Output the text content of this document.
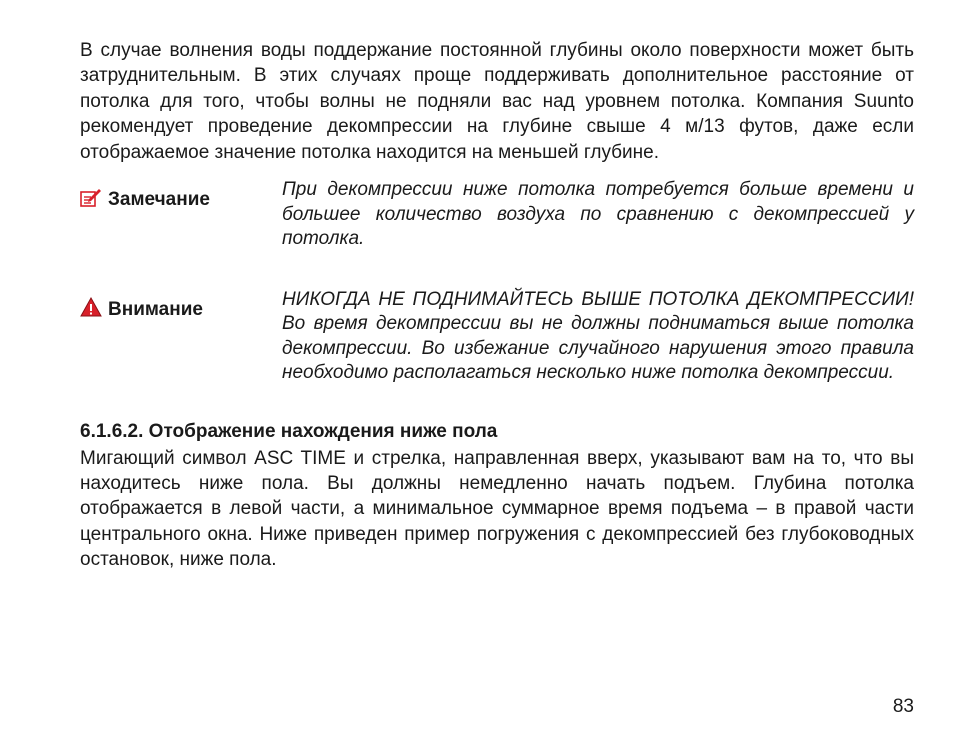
В случае волнения воды поддержание постоянной глубины около поверхности может быть затруднительным. В этих случаях проще поддерживать дополнительное расстояние от потолка для того, чтобы волны не подняли вас над уровнем потолка. Компания Suunto рекомендует проведение декомпрессии на глубине свыше 4 м/13 футов, даже если отображаемое значение потолка находится на меньшей глубине.

Замечание	При декомпрессии ниже потолка потребуется больше времени и большее количество воздуха по сравнению с декомпрессией у потолка.

Внимание	НИКОГДА НЕ ПОДНИМАЙТЕСЬ ВЫШЕ ПОТОЛКА ДЕКОМПРЕССИИ! Во время декомпрессии вы не должны подниматься выше потолка декомпрессии. Во избежание случайного нарушения этого правила необходимо располагаться несколько ниже потолка декомпрессии.

6.1.6.2. Отображение нахождения ниже пола

Мигающий символ ASC TIME и стрелка, направленная вверх, указывают вам на то, что вы находитесь ниже пола. Вы должны немедленно начать подъем. Глубина потолка отображается в левой части, а минимальное суммарное время подъема – в правой части центрального окна. Ниже приведен пример погружения с декомпрессией без глубоководных остановок, ниже пола.

83
